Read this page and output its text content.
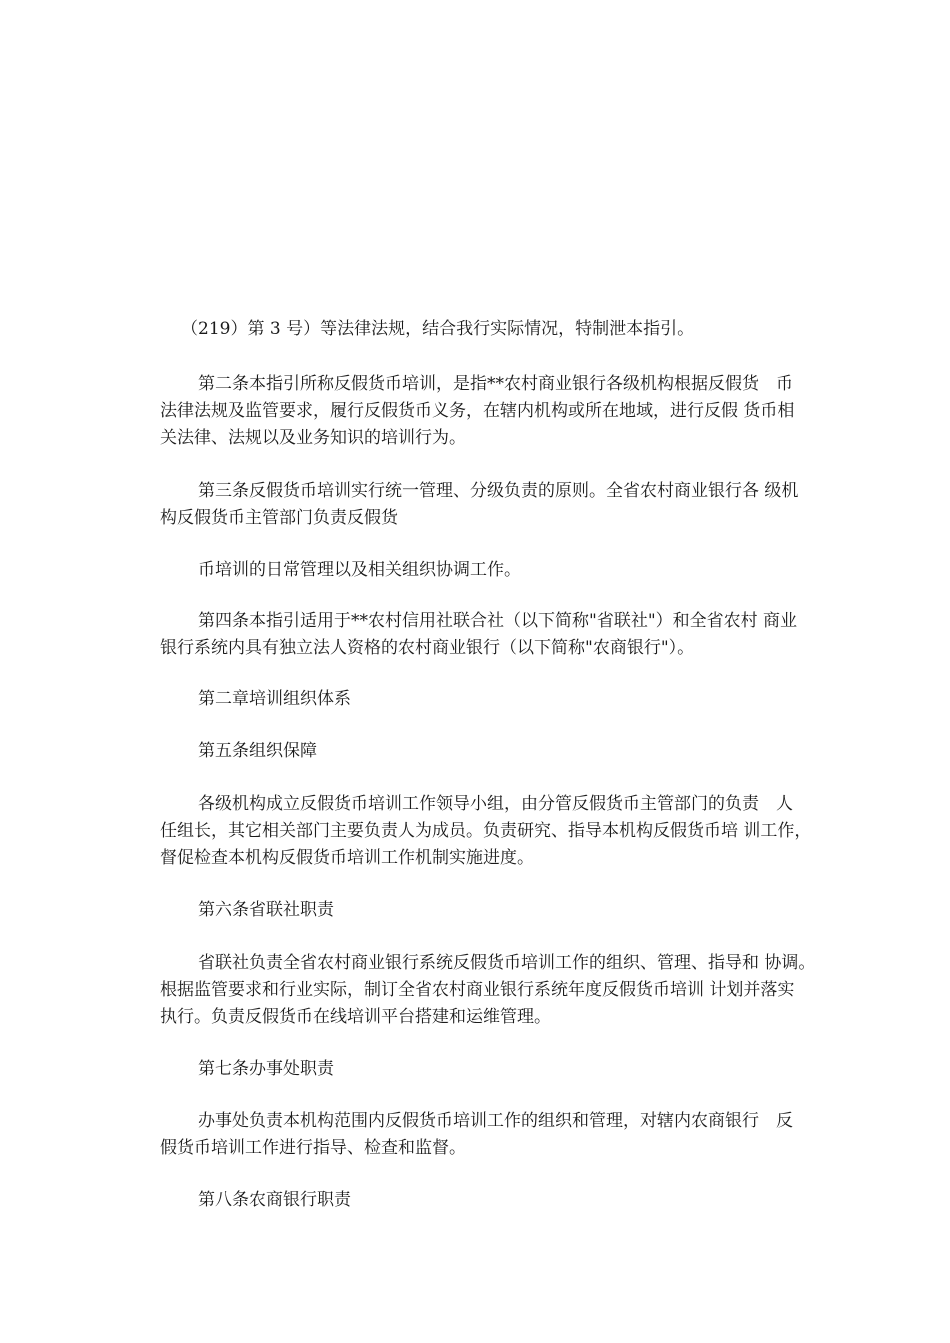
（219）第 3 号）等法律法规，结合我行实际情况，特制泄本指引。
第二条本指引所称反假货币培训，是指**农村商业银行各级机构根据反假货　币
法律法规及监管要求，履行反假货币义务，在辖内机构或所在地域，进行反假 货币相
关法律、法规以及业务知识的培训行为。
第三条反假货币培训实行统一管理、分级负责的原则。全省农村商业银行各 级机
构反假货币主管部门负责反假货
币培训的日常管理以及相关组织协调工作。
第四条本指引适用于**农村信用社联合社（以下简称"省联社"）和全省农村 商业
银行系统内具有独立法人资格的农村商业银行（以下简称"农商银行"）。
第二章培训组织体系
第五条组织保障
各级机构成立反假货币培训工作领导小组，由分管反假货币主管部门的负责　人
任组长，其它相关部门主要负责人为成员。负责研究、指导本机构反假货币培 训工作，
督促检查本机构反假货币培训工作机制实施进度。
第六条省联社职责
省联社负责全省农村商业银行系统反假货币培训工作的组织、管理、指导和 协调。
根据监管要求和行业实际，制订全省农村商业银行系统年度反假货币培训 计划并落实
执行。负责反假货币在线培训平台搭建和运维管理。
第七条办事处职责
办事处负责本机构范围内反假货币培训工作的组织和管理，对辖内农商银行　反
假货币培训工作进行指导、检查和监督。
第八条农商银行职责
